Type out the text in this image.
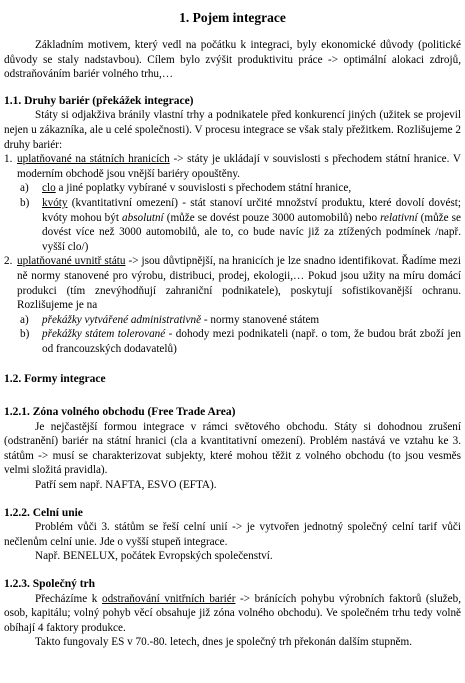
1. Pojem integrace

Základním motivem, který vedl na počátku k integraci, byly ekonomické důvody (politické důvody se staly nadstavbou). Cílem bylo zvýšit produktivitu práce -> optimální alokaci zdrojů, odstraňováním bariér volného trhu,…

1.1. Druhy bariér (překážek integrace)

Státy si odjakživa bránily vlastní trhy a podnikatele před konkurencí jiných (užitek se projevil nejen u zákazníka, ale u celé společnosti). V procesu integrace se však staly přežitkem. Rozlišujeme 2 druhy bariér:

1. uplatňované na státních hranicích -> státy je ukládají v souvislosti s přechodem státní hranice. V moderním obchodě jsou vnější bariéry opouštěny.
a)	clo a jiné poplatky vybírané v souvislosti s přechodem státní hranice,
b)	kvóty (kvantitativní omezení) - stát stanoví určité množství produktu, které dovolí dovést; kvóty mohou být absolutní (může se dovést pouze 3000 automobilů) nebo relativní (může se dovést více než 3000 automobilů, ale to, co bude navíc již za ztížených podmínek /např. vyšší clo/)
2. uplatňované uvnitř státu -> jsou důvtipnější, na hranicích je lze snadno identifikovat. Řadíme mezi ně normy stanovené pro výrobu, distribuci, prodej, ekologii,… Pokud jsou užity na míru domácí produkci (tím znevýhodňují zahraniční podnikatele), poskytují sofistikovanější ochranu. Rozlišujeme je na
a)	překážky vytvářené administrativně - normy stanovené státem
b)	překážky státem tolerované - dohody mezi podnikateli (např. o tom, že budou brát zboží jen od francouzských dodavatelů)
1.2. Formy integrace
1.2.1. Zóna volného obchodu (Free Trade Area)

Je nejčastější formou integrace v rámci světového obchodu. Státy si dohodnou zrušení (odstranění) bariér na státní hranici (cla a kvantitativní omezení). Problém nastává ve vztahu ke 3. státům -> musí se charakterizovat subjekty, které mohou těžit z volného obchodu (to jsou vesměs velmi složitá pravidla).

Patří sem např. NAFTA, ESVO (EFTA).

1.2.2. Celní unie

Problém vůči 3. státům se řeší celní unií -> je vytvořen jednotný společný celní tarif vůči nečlenům celní unie. Jde o vyšší stupeň integrace.

Např. BENELUX, počátek Evropských společenství.

1.2.3. Společný trh

Přecházíme k odstraňování vnitřních bariér -> bránících pohybu výrobních faktorů (služeb, osob, kapitálu; volný pohyb věcí obsahuje již zóna volného obchodu). Ve společném trhu tedy volně obíhají 4 faktory produkce.

Takto fungovaly ES v 70.-80. letech, dnes je společný trh překonán dalším stupněm.
